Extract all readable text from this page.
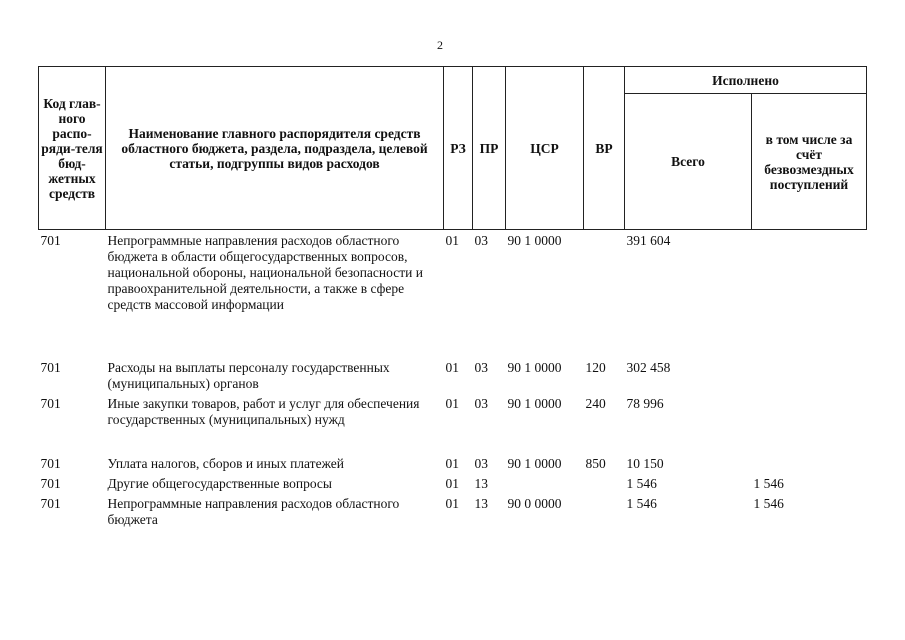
2
Код глав-ного распо-ряди-теля бюд-жетных средств	Наименование главного распорядителя средств областного бюджета, раздела, подраздела, целевой статьи, подгруппы видов расходов	РЗ	ПР	ЦСР	ВР	Исполнено	
						Всего	в том числе за счёт безвозмездных поступлений
701	Непрограммные направления расходов областного бюджета в области общегосударственных вопросов, национальной обороны, национальной безопасности и правоохранительной деятельности, а также в сфере средств массовой информации	01	03	90 1 0000		391 604	
701	Расходы на выплаты персоналу государственных (муниципальных) органов	01	03	90 1 0000	120	302 458	
701	Иные закупки товаров, работ и услуг для обеспечения государственных (муниципальных) нужд	01	03	90 1 0000	240	78 996	
701	Уплата налогов, сборов и иных платежей	01	03	90 1 0000	850	10 150	
701	Другие общегосударственные вопросы	01	13			1 546	1 546
701	Непрограммные направления расходов областного бюджета	01	13	90 0 0000		1 546	1 546
